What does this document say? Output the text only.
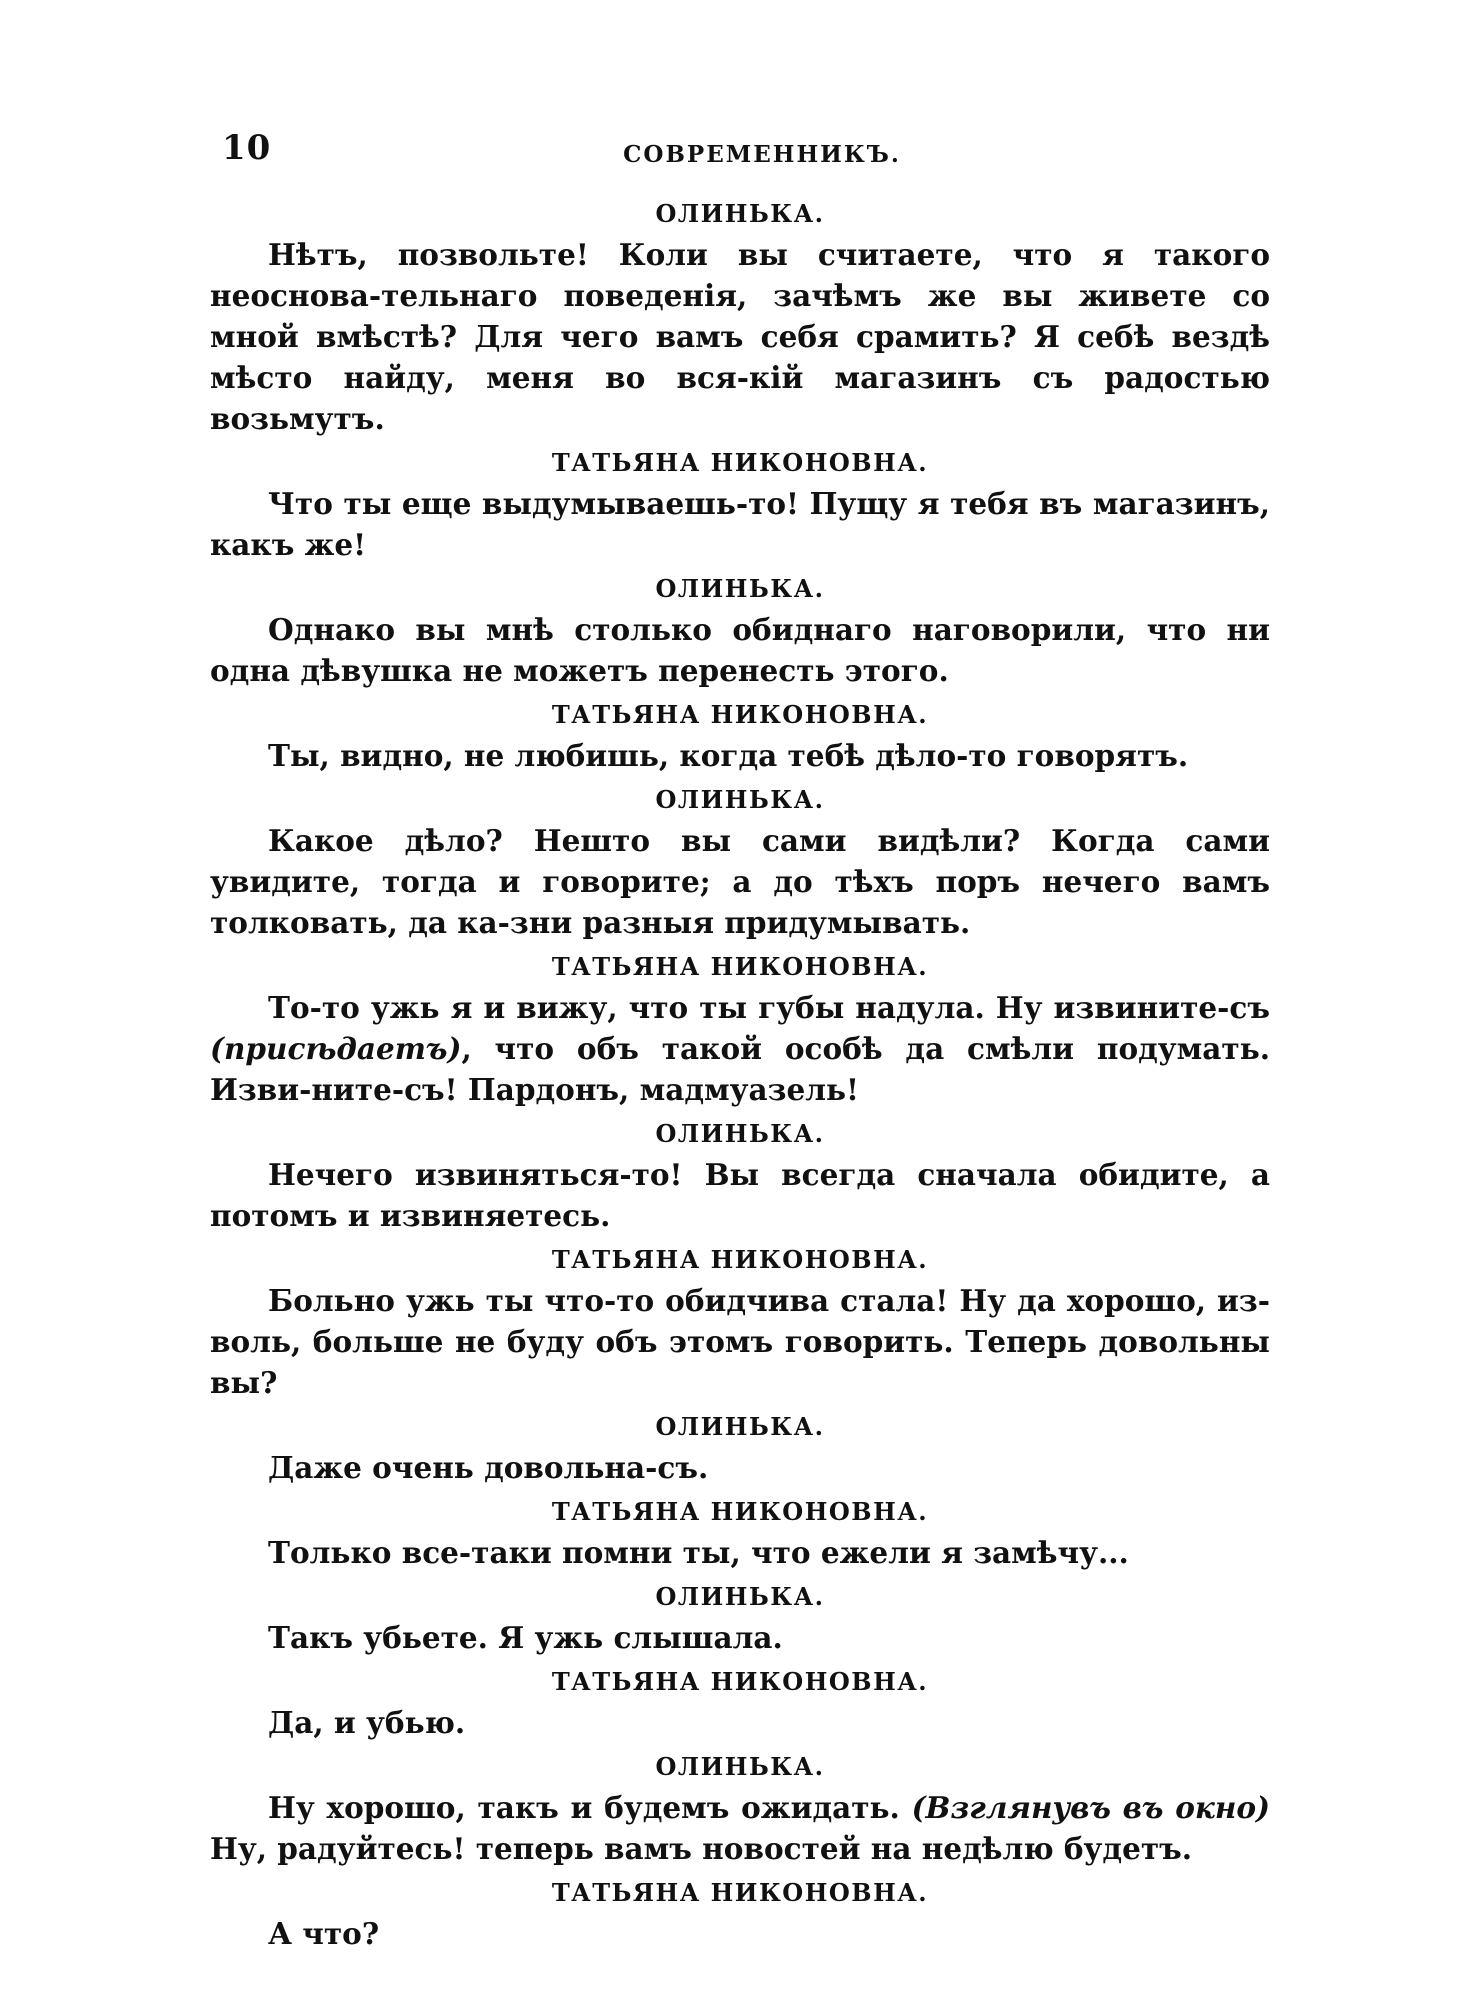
10	СОВРЕМЕННИКЪ.
ОЛИНЬКА.

Нѣтъ, позвольте! Коли вы считаете, что я такого неоснова-тельнаго поведенія, зачѣмъ же вы живете со мной вмѣстѣ? Для чего вамъ себя срамить? Я себѣ вездѣ мѣсто найду, меня во вся-кій магазинъ съ радостью возьмутъ.

ТАТЬЯНА НИКОНОВНА.

Что ты еще выдумываешь-то! Пущу я тебя въ магазинъ, какъ же!

ОЛИНЬКА.

Однако вы мнѣ столько обиднаго наговорили, что ни одна дѣвушка не можетъ перенесть этого.

ТАТЬЯНА НИКОНОВНА.

Ты, видно, не любишь, когда тебѣ дѣло-то говорятъ.

ОЛИНЬКА.

Какое дѣло? Нешто вы сами видѣли? Когда сами увидите, тогда и говорите; а до тѣхъ поръ нечего вамъ толковать, да ка-зни разныя придумывать.

ТАТЬЯНА НИКОНОВНА.

То-то ужь я и вижу, что ты губы надула. Ну извините-съ (присѣдаетъ), что объ такой особѣ да смѣли подумать. Изви-ните-съ! Пардонъ, мадмуазель!

ОЛИНЬКА.

Нечего извиняться-то! Вы всегда сначала обидите, а потомъ и извиняетесь.

ТАТЬЯНА НИКОНОВНА.

Больно ужь ты что-то обидчива стала! Ну да хорошо, из-воль, больше не буду объ этомъ говорить. Теперь довольны вы?

ОЛИНЬКА.

Даже очень довольна-съ.

ТАТЬЯНА НИКОНОВНА.

Только все-таки помни ты, что ежели я замѣчу...

ОЛИНЬКА.

Такъ убьете. Я ужь слышала.

ТАТЬЯНА НИКОНОВНА.

Да, и убью.

ОЛИНЬКА.

Ну хорошо, такъ и будемъ ожидать. (Взглянувъ въ окно) Ну, радуйтесь! теперь вамъ новостей на недѣлю будетъ.

ТАТЬЯНА НИКОНОВНА.

А что?
